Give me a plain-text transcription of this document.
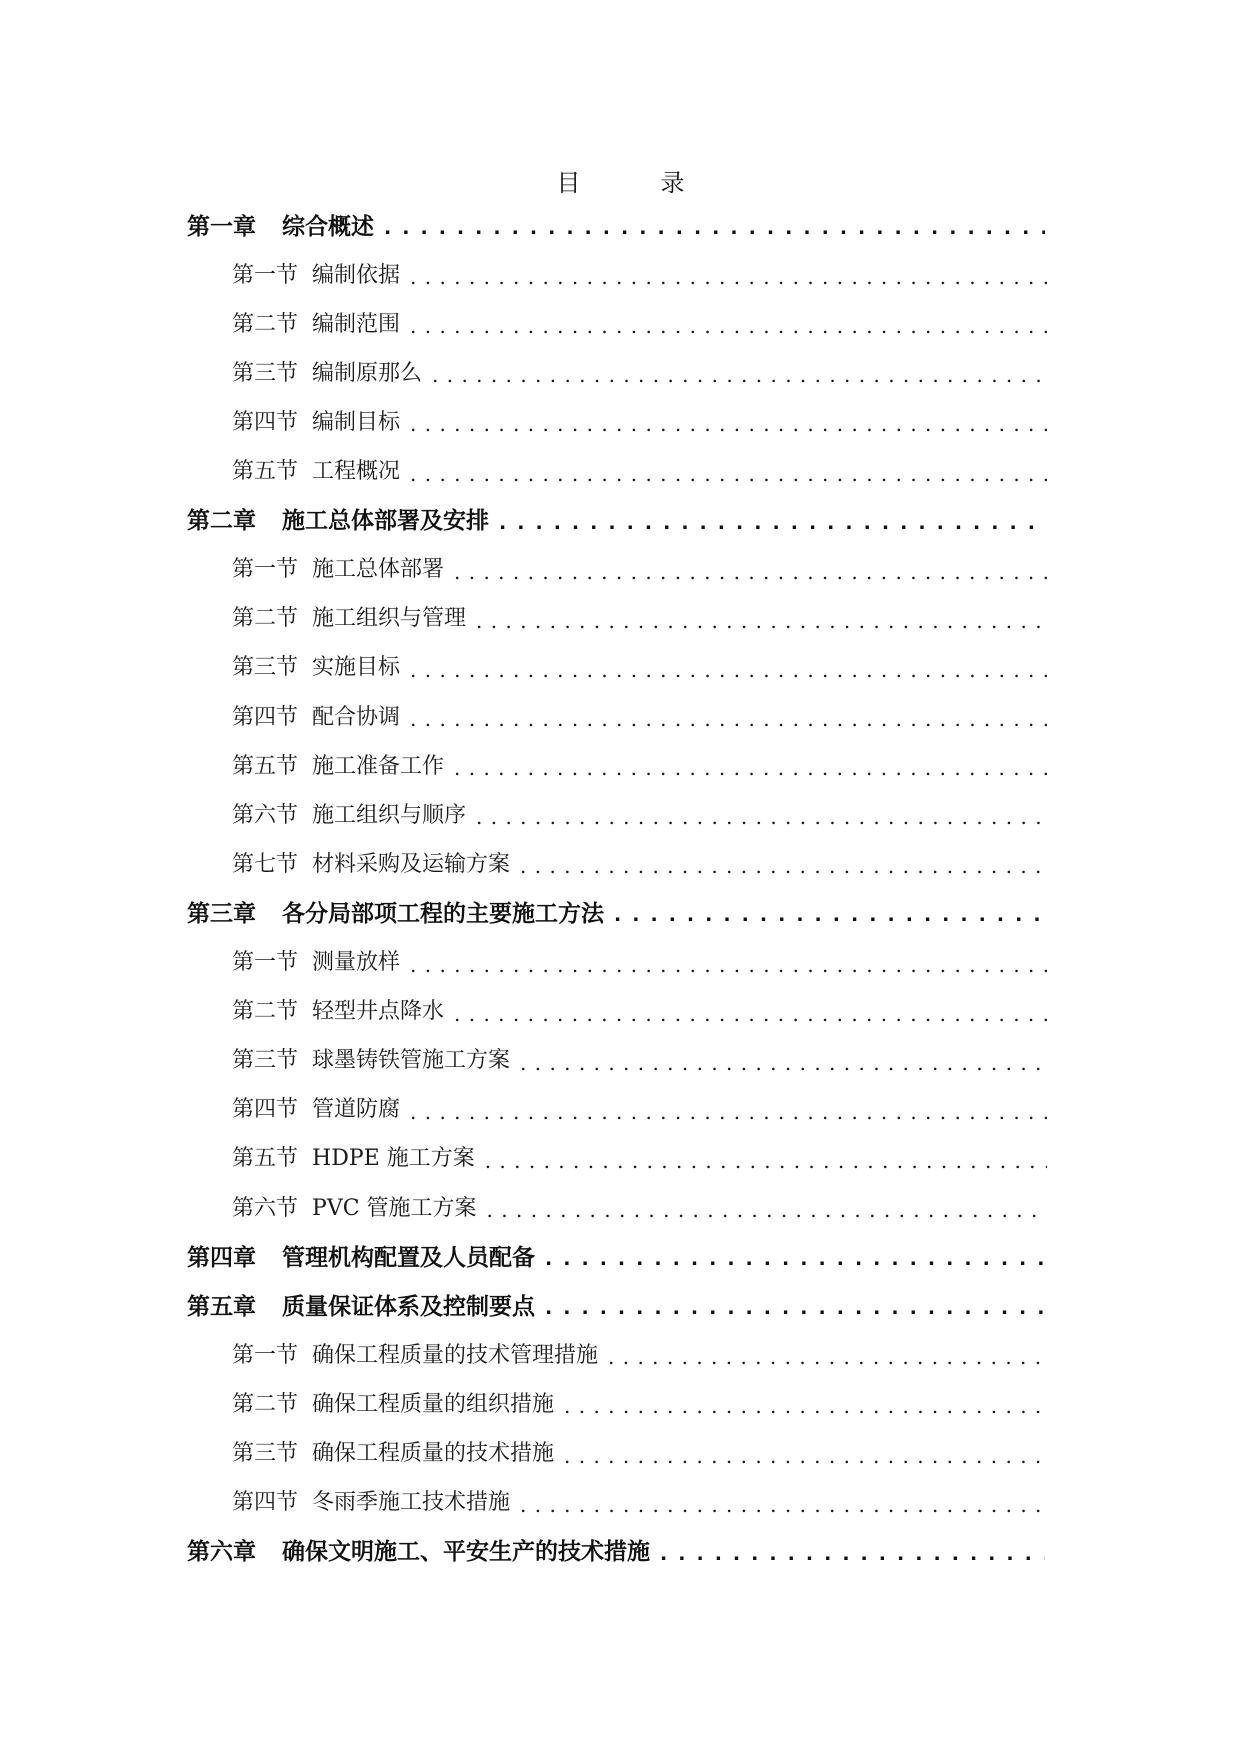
目　录
第一章 综合概述
. . .
第一节 编制依据
. . .
第二节 编制范围
. . .
第三节 编制原那么
. . .
第四节 编制目标
. . .
第五节 工程概况
. . .
第二章 施工总体部署及安排
. . .
第一节 施工总体部署
. . .
第二节 施工组织与管理
. . .
第三节 实施目标
. . .
第四节 配合协调
. . .
第五节 施工准备工作
. . .
第六节 施工组织与顺序
. . .
第七节 材料采购及运输方案
. . .
第三章 各分局部项工程的主要施工方法
. . .
第一节 测量放样
. . .
第二节 轻型井点降水
. . .
第三节 球墨铸铁管施工方案
. . .
第四节 管道防腐
. . .
第五节 HDPE 施工方案
. . .
第六节 PVC 管施工方案
. . .
第四章 管理机构配置及人员配备
. . .
第五章 质量保证体系及控制要点
. . .
第一节 确保工程质量的技术管理措施
. . .
第二节 确保工程质量的组织措施
. . .
第三节 确保工程质量的技术措施
. . .
第四节 冬雨季施工技术措施
. . .
第六章 确保文明施工、平安生产的技术措施
. . .
